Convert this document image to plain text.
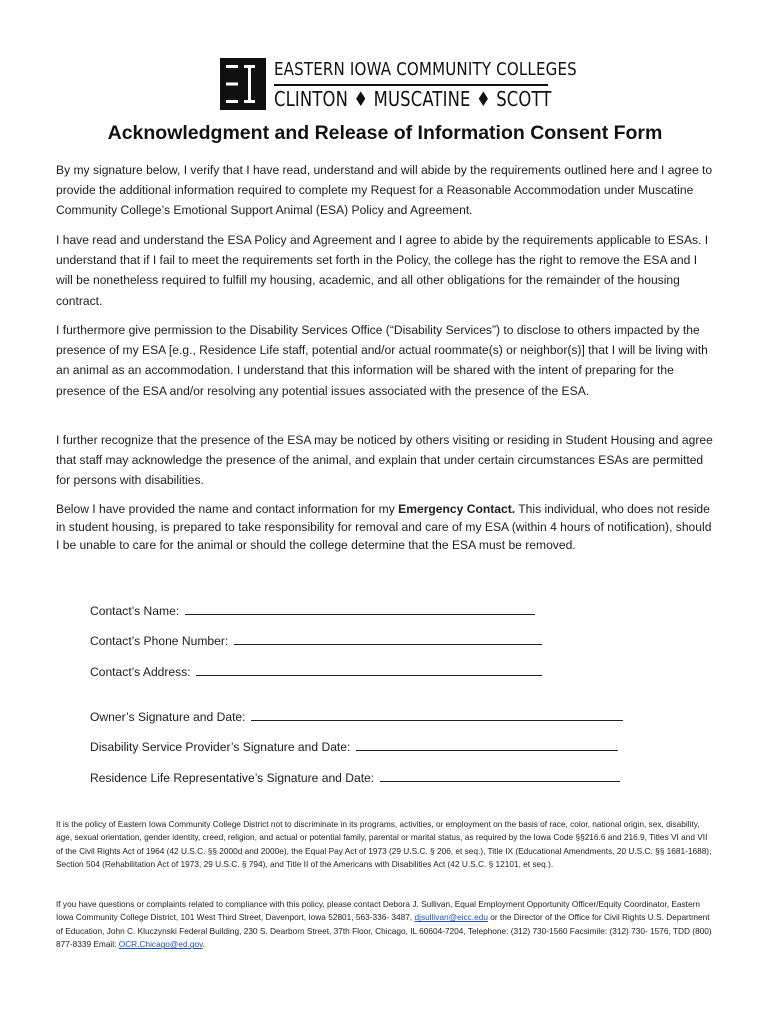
EASTERN IOWA COMMUNITY COLLEGES
CLINTON ♦ MUSCATINE ♦ SCOTT
Acknowledgment and Release of Information Consent Form
By my signature below, I verify that I have read, understand and will abide by the requirements outlined here and I agree to provide the additional information required to complete my Request for a Reasonable Accommodation under Muscatine Community College’s Emotional Support Animal (ESA) Policy and Agreement.
I have read and understand the ESA Policy and Agreement and I agree to abide by the requirements applicable to ESAs. I understand that if I fail to meet the requirements set forth in the Policy, the college has the right to remove the ESA and I will be nonetheless required to fulfill my housing, academic, and all other obligations for the remainder of the housing contract.
I furthermore give permission to the Disability Services Office (“Disability Services”) to disclose to others impacted by the presence of my ESA [e.g., Residence Life staff, potential and/or actual roommate(s) or neighbor(s)] that I will be living with an animal as an accommodation. I understand that this information will be shared with the intent of preparing for the presence of the ESA and/or resolving any potential issues associated with the presence of the ESA.
I further recognize that the presence of the ESA may be noticed by others visiting or residing in Student Housing and agree that staff may acknowledge the presence of the animal, and explain that under certain circumstances ESAs are permitted for persons with disabilities.
Below I have provided the name and contact information for my Emergency Contact. This individual, who does not reside in student housing, is prepared to take responsibility for removal and care of my ESA (within 4 hours of notification), should I be unable to care for the animal or should the college determine that the ESA must be removed.
Contact’s Name:
Contact’s Phone Number:
Contact’s Address:
Owner’s Signature and Date:
Disability Service Provider’s Signature and Date:
Residence Life Representative’s Signature and Date:
It is the policy of Eastern Iowa Community College District not to discriminate in its programs, activities, or employment on the basis of race, color, national origin, sex, disability, age, sexual orientation, gender identity, creed, religion, and actual or potential family, parental or marital status, as required by the Iowa Code §§216.6 and 216.9, Titles VI and VII of the Civil Rights Act of 1964 (42 U.S.C. §§ 2000d and 2000e), the Equal Pay Act of 1973 (29 U.S.C. § 206, et seq.), Title IX (Educational Amendments, 20 U.S.C. §§ 1681-1688), Section 504 (Rehabilitation Act of 1973, 29 U.S.C. § 794), and Title II of the Americans with Disabilities Act (42 U.S.C. § 12101, et seq.).
If you have questions or complaints related to compliance with this policy, please contact Debora J. Sullivan, Equal Employment Opportunity Officer/Equity Coordinator, Eastern Iowa Community College District, 101 West Third Street, Davenport, Iowa 52801, 563-336- 3487, djsullivan@eicc.edu or the Director of the Office for Civil Rights U.S. Department of Education, John C. Kluczynski Federal Building, 230 S. Dearborn Street, 37th Floor, Chicago, IL 60604-7204, Telephone: (312) 730-1560 Facsimile: (312) 730- 1576, TDD (800) 877-8339 Email: OCR.Chicago@ed.gov.
